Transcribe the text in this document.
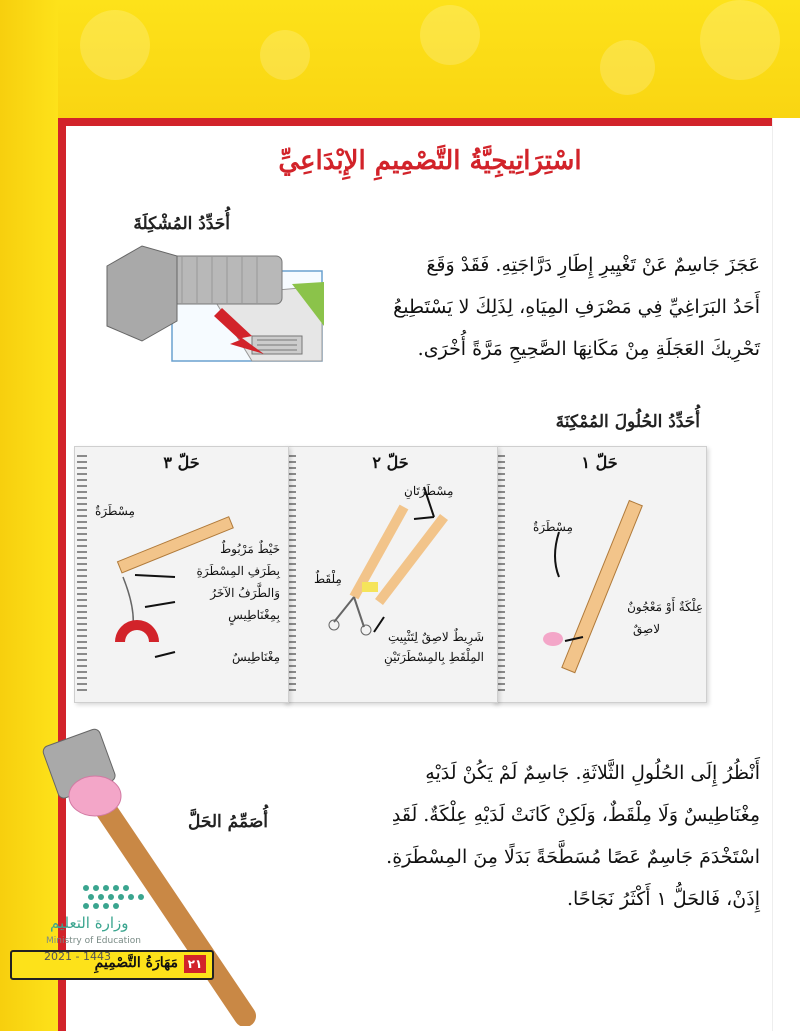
اسْتِرَاتِيجِيَّةُ التَّصْمِيمِ الإِبْدَاعِيِّ
أُحَدِّدُ المُشْكِلَةَ
عَجَزَ جَاسِمٌ عَنْ تَغْيِيرِ إِطَارِ دَرَّاجَتِهِ. فَقَدْ وَقَعَ
أَحَدُ البَرَاغِيِّ فِي مَصْرَفِ المِيَاهِ، لِذَلِكَ لا يَسْتَطِيعُ
تَحْرِيكَ العَجَلَةِ مِنْ مَكَانِهَا الصَّحِيحِ مَرَّةً أُخْرَى.
أُحَدِّدُ الحُلُولَ المُمْكِنَةَ
حَلّ ١
مِسْطَرَةٌ
عِلْكَةٌ أَوْ مَعْجُونٌ
لاصِقٌ
حَلّ ٢
مِسْطَرَتَانِ
مِلْقَطٌ
شَرِيطٌ لاصِقٌ لِتَثْبِيتِ
المِلْقَطِ بِالمِسْطَرَتَيْنِ
حَلّ ٣
مِسْطَرَةٌ
خَيْطٌ مَرْبُوطٌ
بِطَرَفِ المِسْطَرَةِ
وَالطَّرَفُ الآخَرُ
بِمِغْنَاطِيسٍ
مِغْنَاطِيسٌ
أُصَمِّمُ الحَلَّ
أَنْظُرُ إِلَى الحُلُولِ الثَّلاثَةِ. جَاسِمٌ لَمْ يَكُنْ لَدَيْهِ
مِغْنَاطِيسٌ وَلَا مِلْقَطٌ، وَلَكِنْ كَانَتْ لَدَيْهِ عِلْكَةٌ. لَقَدِ
اسْتَخْدَمَ جَاسِمٌ عَصًا مُسَطَّحَةً بَدَلًا مِنَ المِسْطَرَةِ.
إِذَنْ، فَالحَلُّ ١ أَكْثَرُ نَجَاحًا.
وزارة التعليم
Ministry of Education
٢١
مَهَارَةُ التَّصْمِيمِ
2021 - 1443
